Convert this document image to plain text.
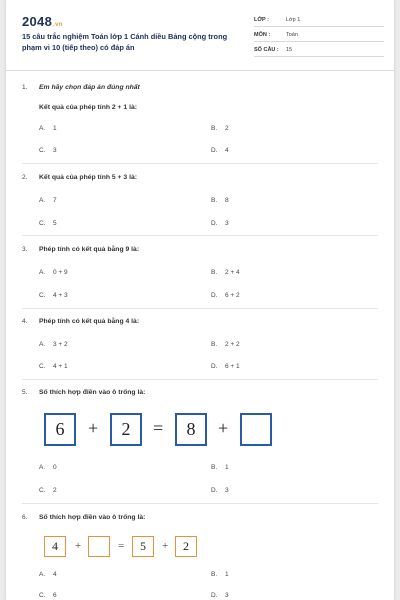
2048.vn
15 câu trắc nghiệm Toán lớp 1 Cánh diều Bảng cộng trong phạm vi 10 (tiếp theo) có đáp án
LỚP :	Lớp 1
MÔN :	Toán
SỐ CÂU : 15
1. Em hãy chọn đáp án đúng nhất
Kết quả của phép tính 2 + 1 là:
A. 1	B. 2
C. 3	D. 4
2. Kết quả của phép tính 5 + 3 là:
A. 7	B. 8
C. 5	D. 3
3. Phép tính có kết quả bằng 9 là:
A. 0 + 9	B. 2 + 4
C. 4 + 3	D. 6 + 2
4. Phép tính có kết quả bằng 4 là:
A. 3 + 2	B. 2 + 2
C. 4 + 1	D. 6 + 1
5. Số thích hợp điền vào ô trống là:
6	+	2	=	8	+
A. 0	B. 1
C. 2	D. 3
6. Số thích hợp điền vào ô trống là:
4	+	=	5	+	2
A. 4	B. 1
C. 6	D. 3
